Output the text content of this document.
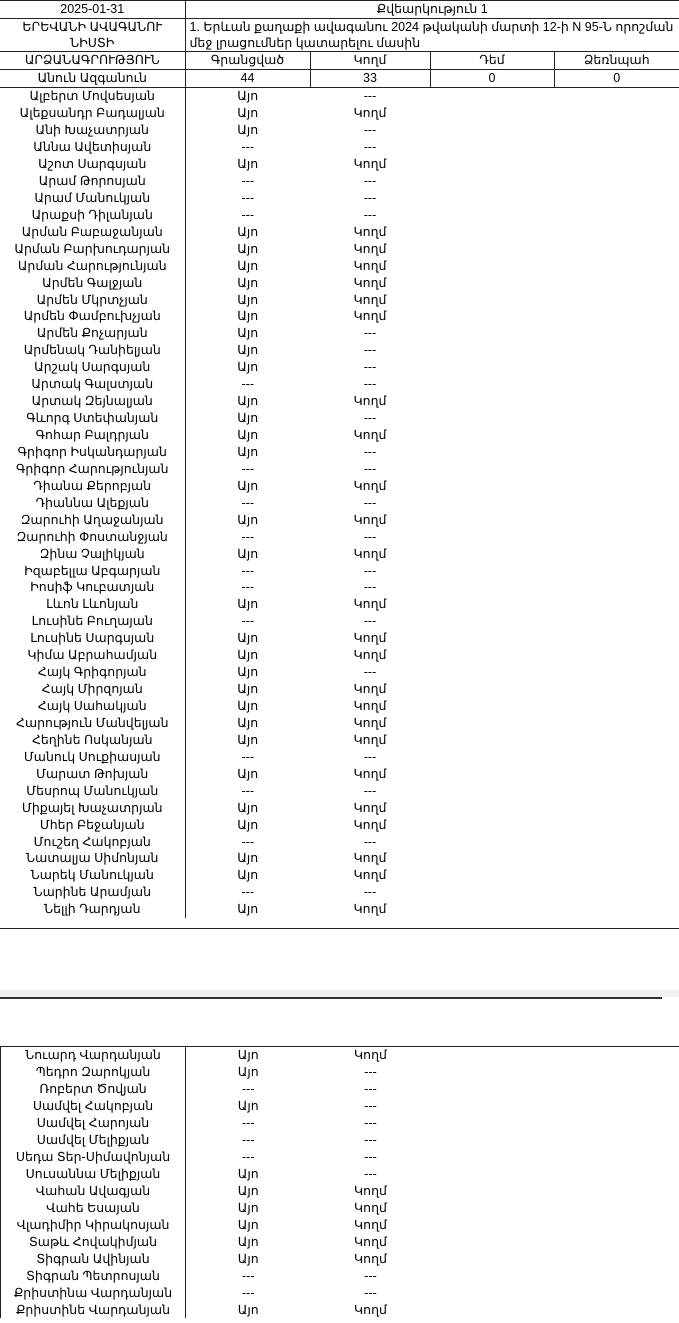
2025-01-31	Քվեարկություն 1			

ԵՐԵՎԱՆԻ ԱՎԱԳԱՆՈՒ
ՆԻՍՏԻ	1. Երևան քաղաքի ավագանու 2024 թվականի մարտի 12-ի N 95-Ն որոշման մեջ լրացումներ կատարելու մասին			
ԱՐՁԱՆԱԳՐՈՒԹՅՈՒՆ	Գրանցված	Կողմ	Դեմ	Ձեռնպահ
Անուն Ազգանուն	44	33	0	0
Ալբերտ Մովսեսյան	Այո	---		
Ալեքսանդր Բադալյան	Այո	Կողմ		
Անի Խաչատրյան	Այո	---		
Աննա Ավետիսյան	---	---		
Աշոտ Սարգսյան	Այո	Կողմ		
Արամ Թորոսյան	---	---		
Արամ Մանուկյան	---	---		
Արաքսի Դիլանյան	---	---		
Արման Բաբաջանյան	Այո	Կողմ		
Արման Բարխուդարյան	Այո	Կողմ		
Արման Հարությունյան	Այո	Կողմ		
Արմեն Գալջյան	Այո	Կողմ		
Արմեն Մկրտչյան	Այո	Կողմ		
Արմեն Փամբուխչյան	Այո	Կողմ		
Արմեն Քոչարյան	Այո	---		
Արմենակ Դանիելյան	Այո	---		
Արշակ Սարգսյան	Այո	---		
Արտակ Գալստյան	---	---		
Արտակ Զեյնալյան	Այո	Կողմ		
Գևորգ Ստեփանյան	Այո	---		
Գոհար Բալդրյան	Այո	Կողմ		
Գրիգոր Իսկանդարյան	Այո	---		
Գրիգոր Հարությունյան	---	---		
Դիանա Քերոբյան	Այո	Կողմ		
Դիաննա Ալեքյան	---	---		
Զարուհի Աղաջանյան	Այո	Կողմ		
Զարուհի Փոստանջյան	---	---		
Զինա Չալիկյան	Այո	Կողմ		
Իզաբելլա Աբգարյան	---	---		
Իոսիֆ Կուբատյան	---	---		
Լևոն Լևոնյան	Այո	Կողմ		
Լուսինե Բուղայան	---	---		
Լուսինե Սարգսյան	Այո	Կողմ		
Կիմա Աբրահամյան	Այո	Կողմ		
Հայկ Գրիգորյան	Այո	---		
Հայկ Միրզոյան	Այո	Կողմ		
Հայկ Սահակյան	Այո	Կողմ		
Հարություն Մանվելյան	Այո	Կողմ		
Հեղինե Ոսկանյան	Այո	Կողմ		
Մանուկ Սուքիասյան	---	---		
Մարատ Թոխյան	Այո	Կողմ		
Մեսրոպ Մանուկյան	---	---		
Միքայել Խաչատրյան	Այո	Կողմ		
Մհեր Բեջանյան	Այո	Կողմ		
Մուշեղ Հակոբյան	---	---		
Նատալյա Սիմոնյան	Այո	Կողմ		
Նարեկ Մանուկյան	Այո	Կողմ		
Նարինե Արամյան	---	---		
Նելլի Դարդյան	Այո	Կողմ		
Նուարդ Վարդանյան	Այո	Կողմ		
Պեդրո Զարոկյան	Այո	---		
Ռոբերտ Ծովյան	---	---		
Սամվել Հակոբյան	Այո	---		
Սամվել Հարոյան	---	---		
Սամվել Մելիքյան	---	---		
Սեդա Տեր-Սիմավոնյան	---	---		
Սուսաննա Մելիքյան	Այո	---		
Վահան Ավագյան	Այո	Կողմ		
Վահե Եսայան	Այո	Կողմ		
Վլադիմիր Կիրակոսյան	Այո	Կողմ		
Տաթև Հովակիմյան	Այո	Կողմ		
Տիգրան Ավինյան	Այո	Կողմ		
Տիգրան Պետրոսյան	---	---		
Քրիստինա Վարդանյան	---	---		
Քրիստինե Վարդանյան	Այո	Կողմ		
